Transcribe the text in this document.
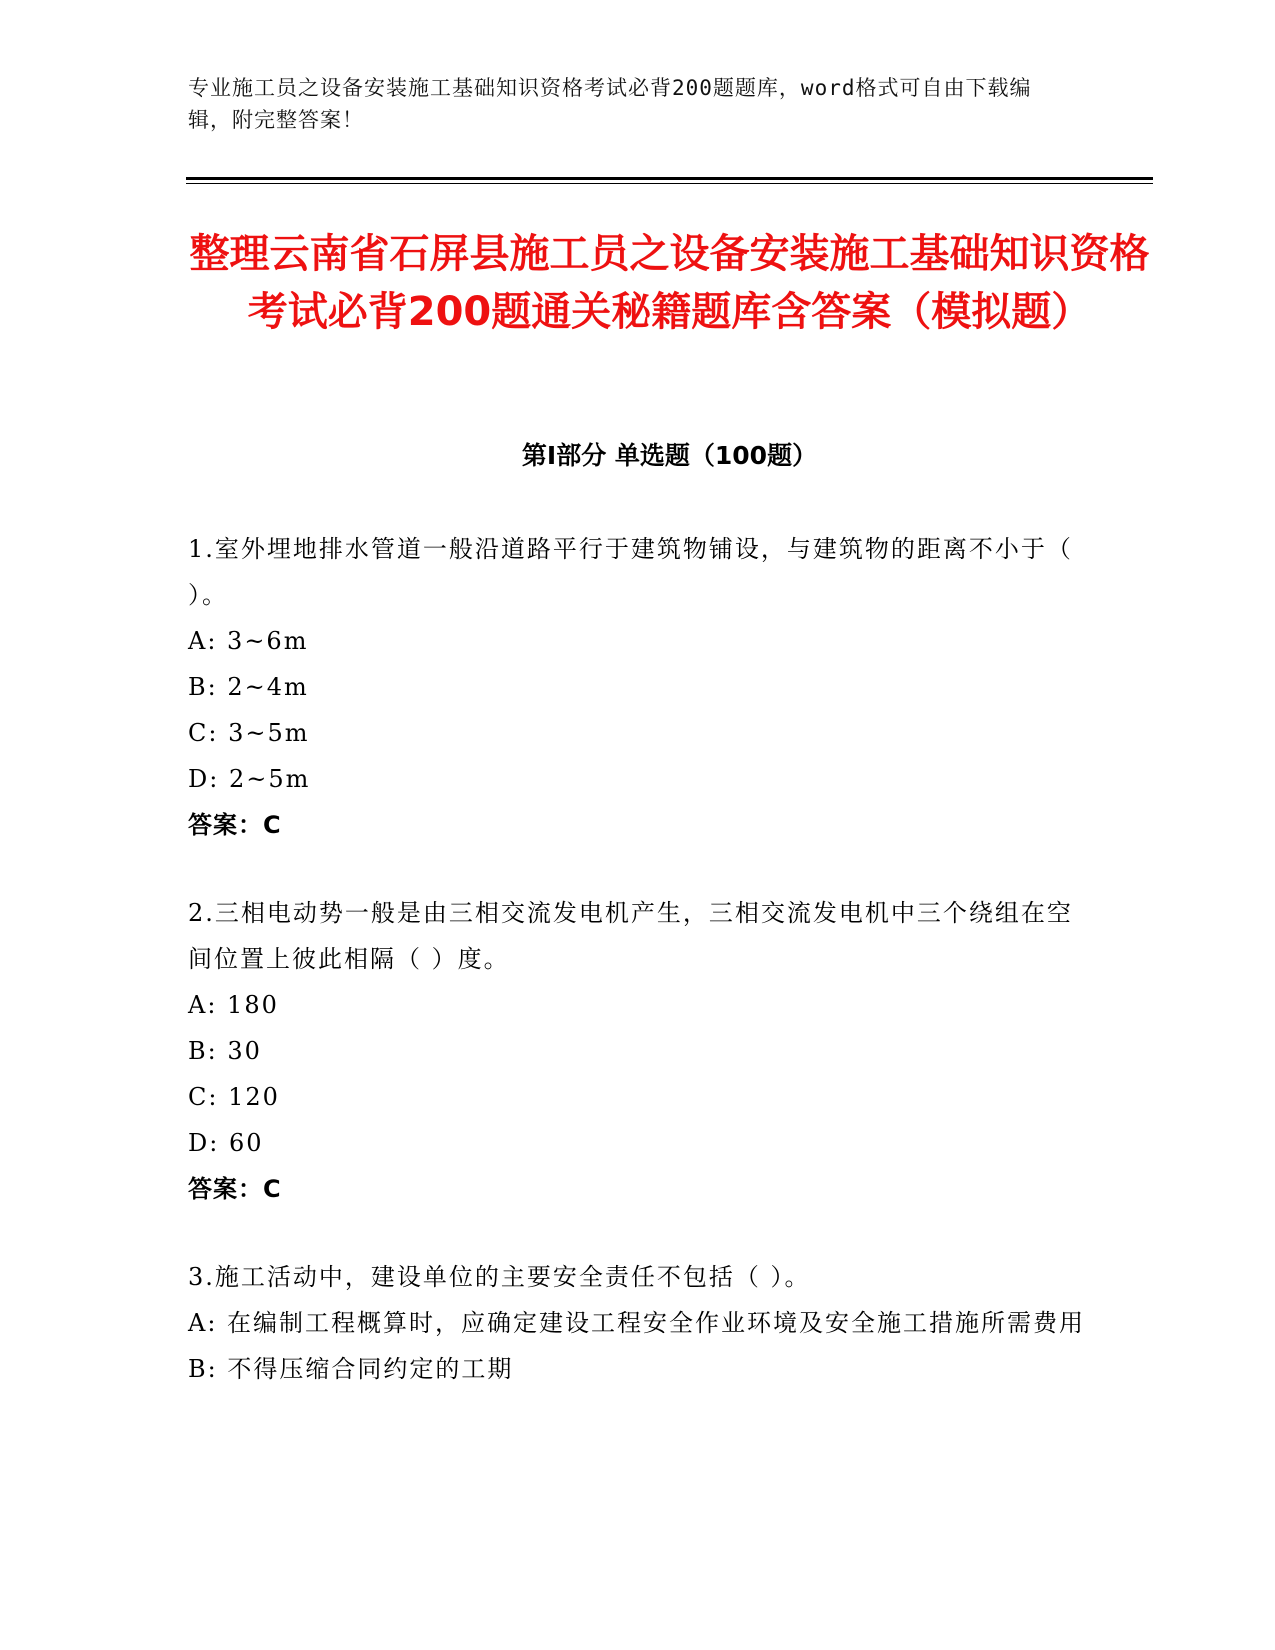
专业施工员之设备安装施工基础知识资格考试必背200题题库，word格式可自由下载编辑，附完整答案！
整理云南省石屏县施工员之设备安装施工基础知识资格考试必背200题通关秘籍题库含答案（模拟题）
第I部分 单选题（100题）

1.室外埋地排水管道一般沿道路平行于建筑物铺设，与建筑物的距离不小于（ ）。

A: 3~6m

B: 2~4m

C: 3~5m

D: 2~5m

答案：C

2.三相电动势一般是由三相交流发电机产生，三相交流发电机中三个绕组在空间位置上彼此相隔（ ）度。

A: 180

B: 30

C: 120

D: 60

答案：C

3.施工活动中，建设单位的主要安全责任不包括（ ）。

A: 在编制工程概算时，应确定建设工程安全作业环境及安全施工措施所需费用

B: 不得压缩合同约定的工期
